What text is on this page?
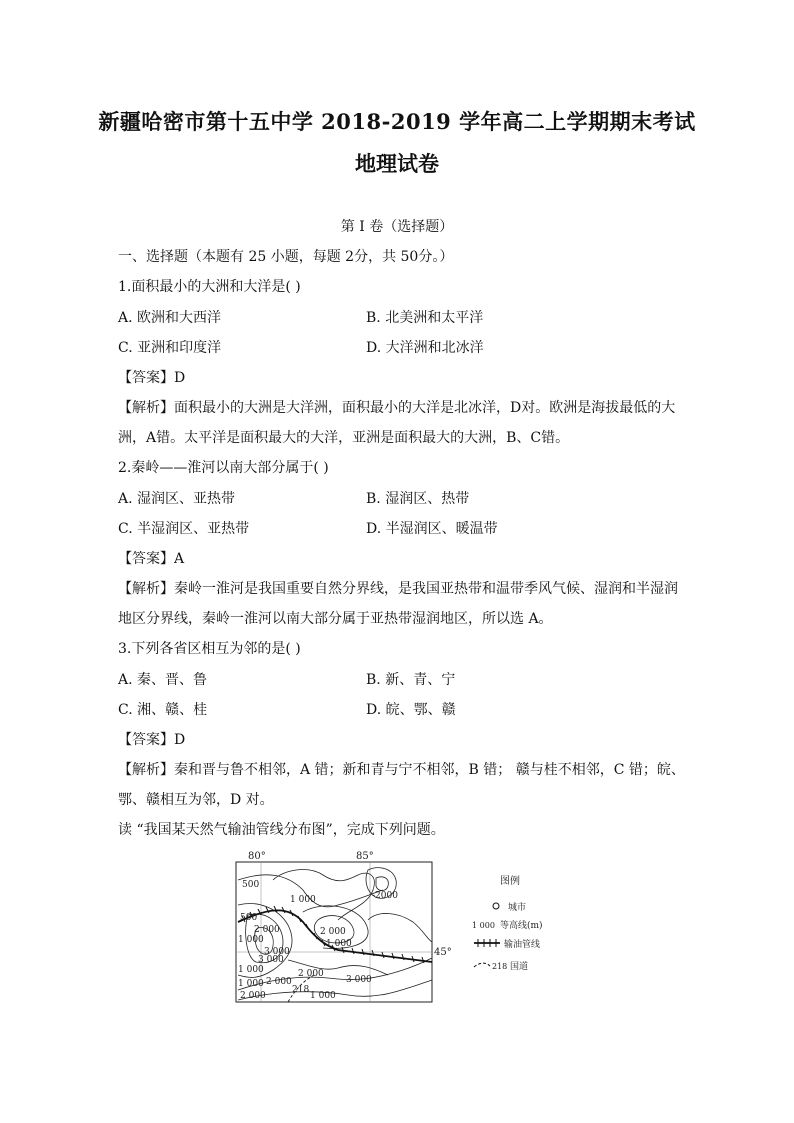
新疆哈密市第十五中学 2018-2019 学年高二上学期期末考试
地理试卷
第 I 卷（选择题）
一、选择题（本题有 25 小题，每题 2分，共 50分。）
1.面积最小的大洲和大洋是( )
A. 欧洲和大西洋	B. 北美洲和太平洋
C. 亚洲和印度洋	D. 大洋洲和北冰洋
【答案】D
【解析】面积最小的大洲是大洋洲，面积最小的大洋是北冰洋，D对。欧洲是海拔最低的大
洲，A错。太平洋是面积最大的大洋，亚洲是面积最大的大洲，B、C错。
2.秦岭——淮河以南大部分属于( )
A. 湿润区、亚热带	B. 湿润区、热带
C. 半湿润区、亚热带	D. 半湿润区、暖温带
【答案】A
【解析】秦岭一淮河是我国重要自然分界线，是我国亚热带和温带季风气候、湿润和半湿润
地区分界线，秦岭一淮河以南大部分属于亚热带湿润地区，所以选 A。
3.下列各省区相互为邻的是( )
A. 秦、晋、鲁	B. 新、青、宁
C. 湘、赣、桂	D. 皖、鄂、赣
【答案】D
【解析】秦和晋与鲁不相邻，A 错；新和青与宁不相邻，B 错； 赣与桂不相邻，C 错；皖、
鄂、赣相互为邻，D 对。
读 “我国某天然气输油管线分布图”，完成下列问题。
80°	85°
45°
500
1 000	-2000
500
1 000
2 000
1 000
2 000
3 000
1 000
3 000
1 000
2 000
218
1 000
2 000
3 000
2 000
图例
城市
1 000 等高线(m)
输油管线
218 国道
